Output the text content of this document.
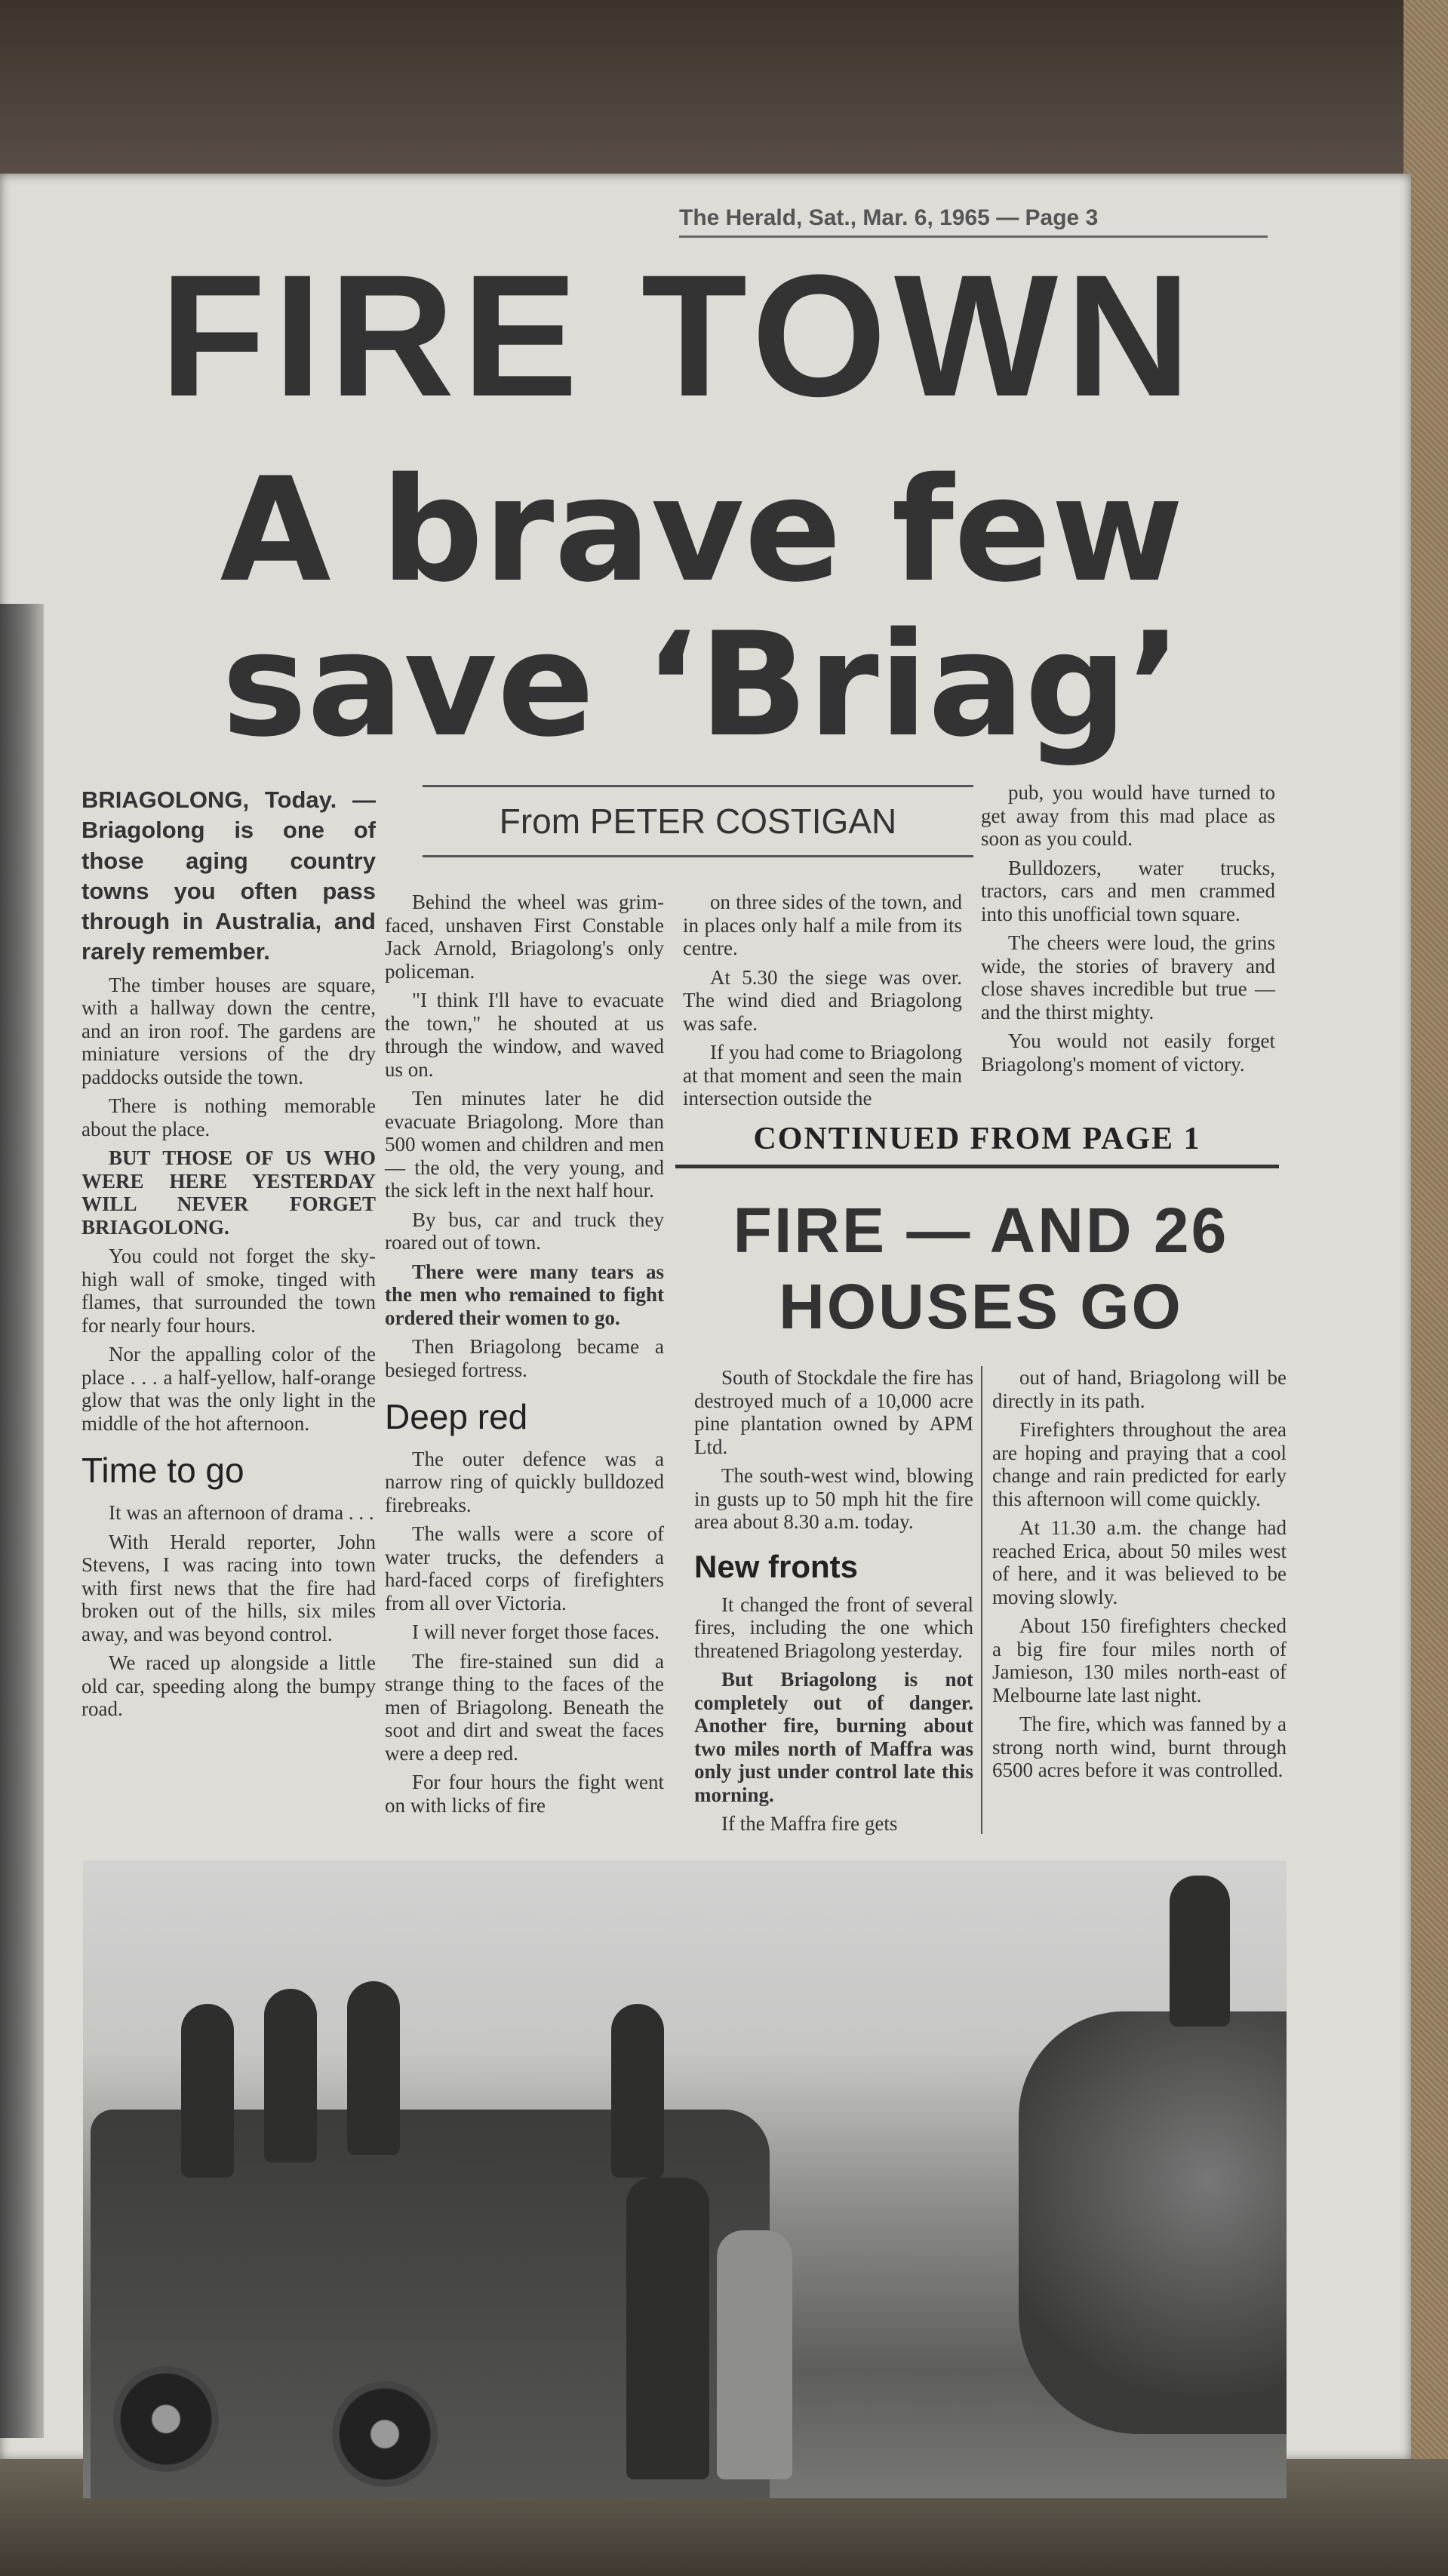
The Herald, Sat., Mar. 6, 1965 — Page 3
FIRE TOWN
A brave few
save ‘Briag’
From PETER COSTIGAN

BRIAGOLONG, Today. — Briagolong is one of those aging country towns you often pass through in Australia, and rarely remember.

The timber houses are square, with a hallway down the centre, and an iron roof. The gardens are miniature versions of the dry paddocks outside the town.

There is nothing memorable about the place.

BUT THOSE OF US WHO WERE HERE YESTERDAY WILL NEVER FORGET BRIAGOLONG.

You could not forget the sky-high wall of smoke, tinged with flames, that surrounded the town for nearly four hours.

Nor the appalling color of the place . . . a half-yellow, half-orange glow that was the only light in the middle of the hot afternoon.

Time to go

It was an afternoon of drama . . .

With Herald reporter, John Stevens, I was racing into town with first news that the fire had broken out of the hills, six miles away, and was beyond control.

We raced up alongside a little old car, speeding along the bumpy road.

Behind the wheel was grim-faced, unshaven First Constable Jack Arnold, Briagolong's only policeman.

"I think I'll have to evacuate the town," he shouted at us through the window, and waved us on.

Ten minutes later he did evacuate Briagolong. More than 500 women and children and men — the old, the very young, and the sick left in the next half hour.

By bus, car and truck they roared out of town.

There were many tears as the men who remained to fight ordered their women to go.

Then Briagolong became a besieged fortress.

Deep red

The outer defence was a narrow ring of quickly bulldozed firebreaks.

The walls were a score of water trucks, the defenders a hard-faced corps of firefighters from all over Victoria.

I will never forget those faces.

The fire-stained sun did a strange thing to the faces of the men of Briagolong. Beneath the soot and dirt and sweat the faces were a deep red.

For four hours the fight went on with licks of fire

on three sides of the town, and in places only half a mile from its centre.

At 5.30 the siege was over. The wind died and Briagolong was safe.

If you had come to Briagolong at that moment and seen the main intersection outside the

pub, you would have turned to get away from this mad place as soon as you could.

Bulldozers, water trucks, tractors, cars and men crammed into this unofficial town square.

The cheers were loud, the grins wide, the stories of bravery and close shaves incredible but true —and the thirst mighty.

You would not easily forget Briagolong's moment of victory.

CONTINUED FROM PAGE 1
FIRE — AND 26
HOUSES GO

South of Stockdale the fire has destroyed much of a 10,000 acre pine plantation owned by APM Ltd.

The south-west wind, blowing in gusts up to 50 mph hit the fire area about 8.30 a.m. today.

New fronts

It changed the front of several fires, including the one which threatened Briagolong yesterday.

But Briagolong is not completely out of danger. Another fire, burning about two miles north of Maffra was only just under control late this morning.

If the Maffra fire gets

out of hand, Briagolong will be directly in its path.

Firefighters throughout the area are hoping and praying that a cool change and rain predicted for early this afternoon will come quickly.

At 11.30 a.m. the change had reached Erica, about 50 miles west of here, and it was believed to be moving slowly.

About 150 firefighters checked a big fire four miles north of Jamieson, 130 miles north-east of Melbourne late last night.

The fire, which was fanned by a strong north wind, burnt through 6500 acres before it was controlled.
